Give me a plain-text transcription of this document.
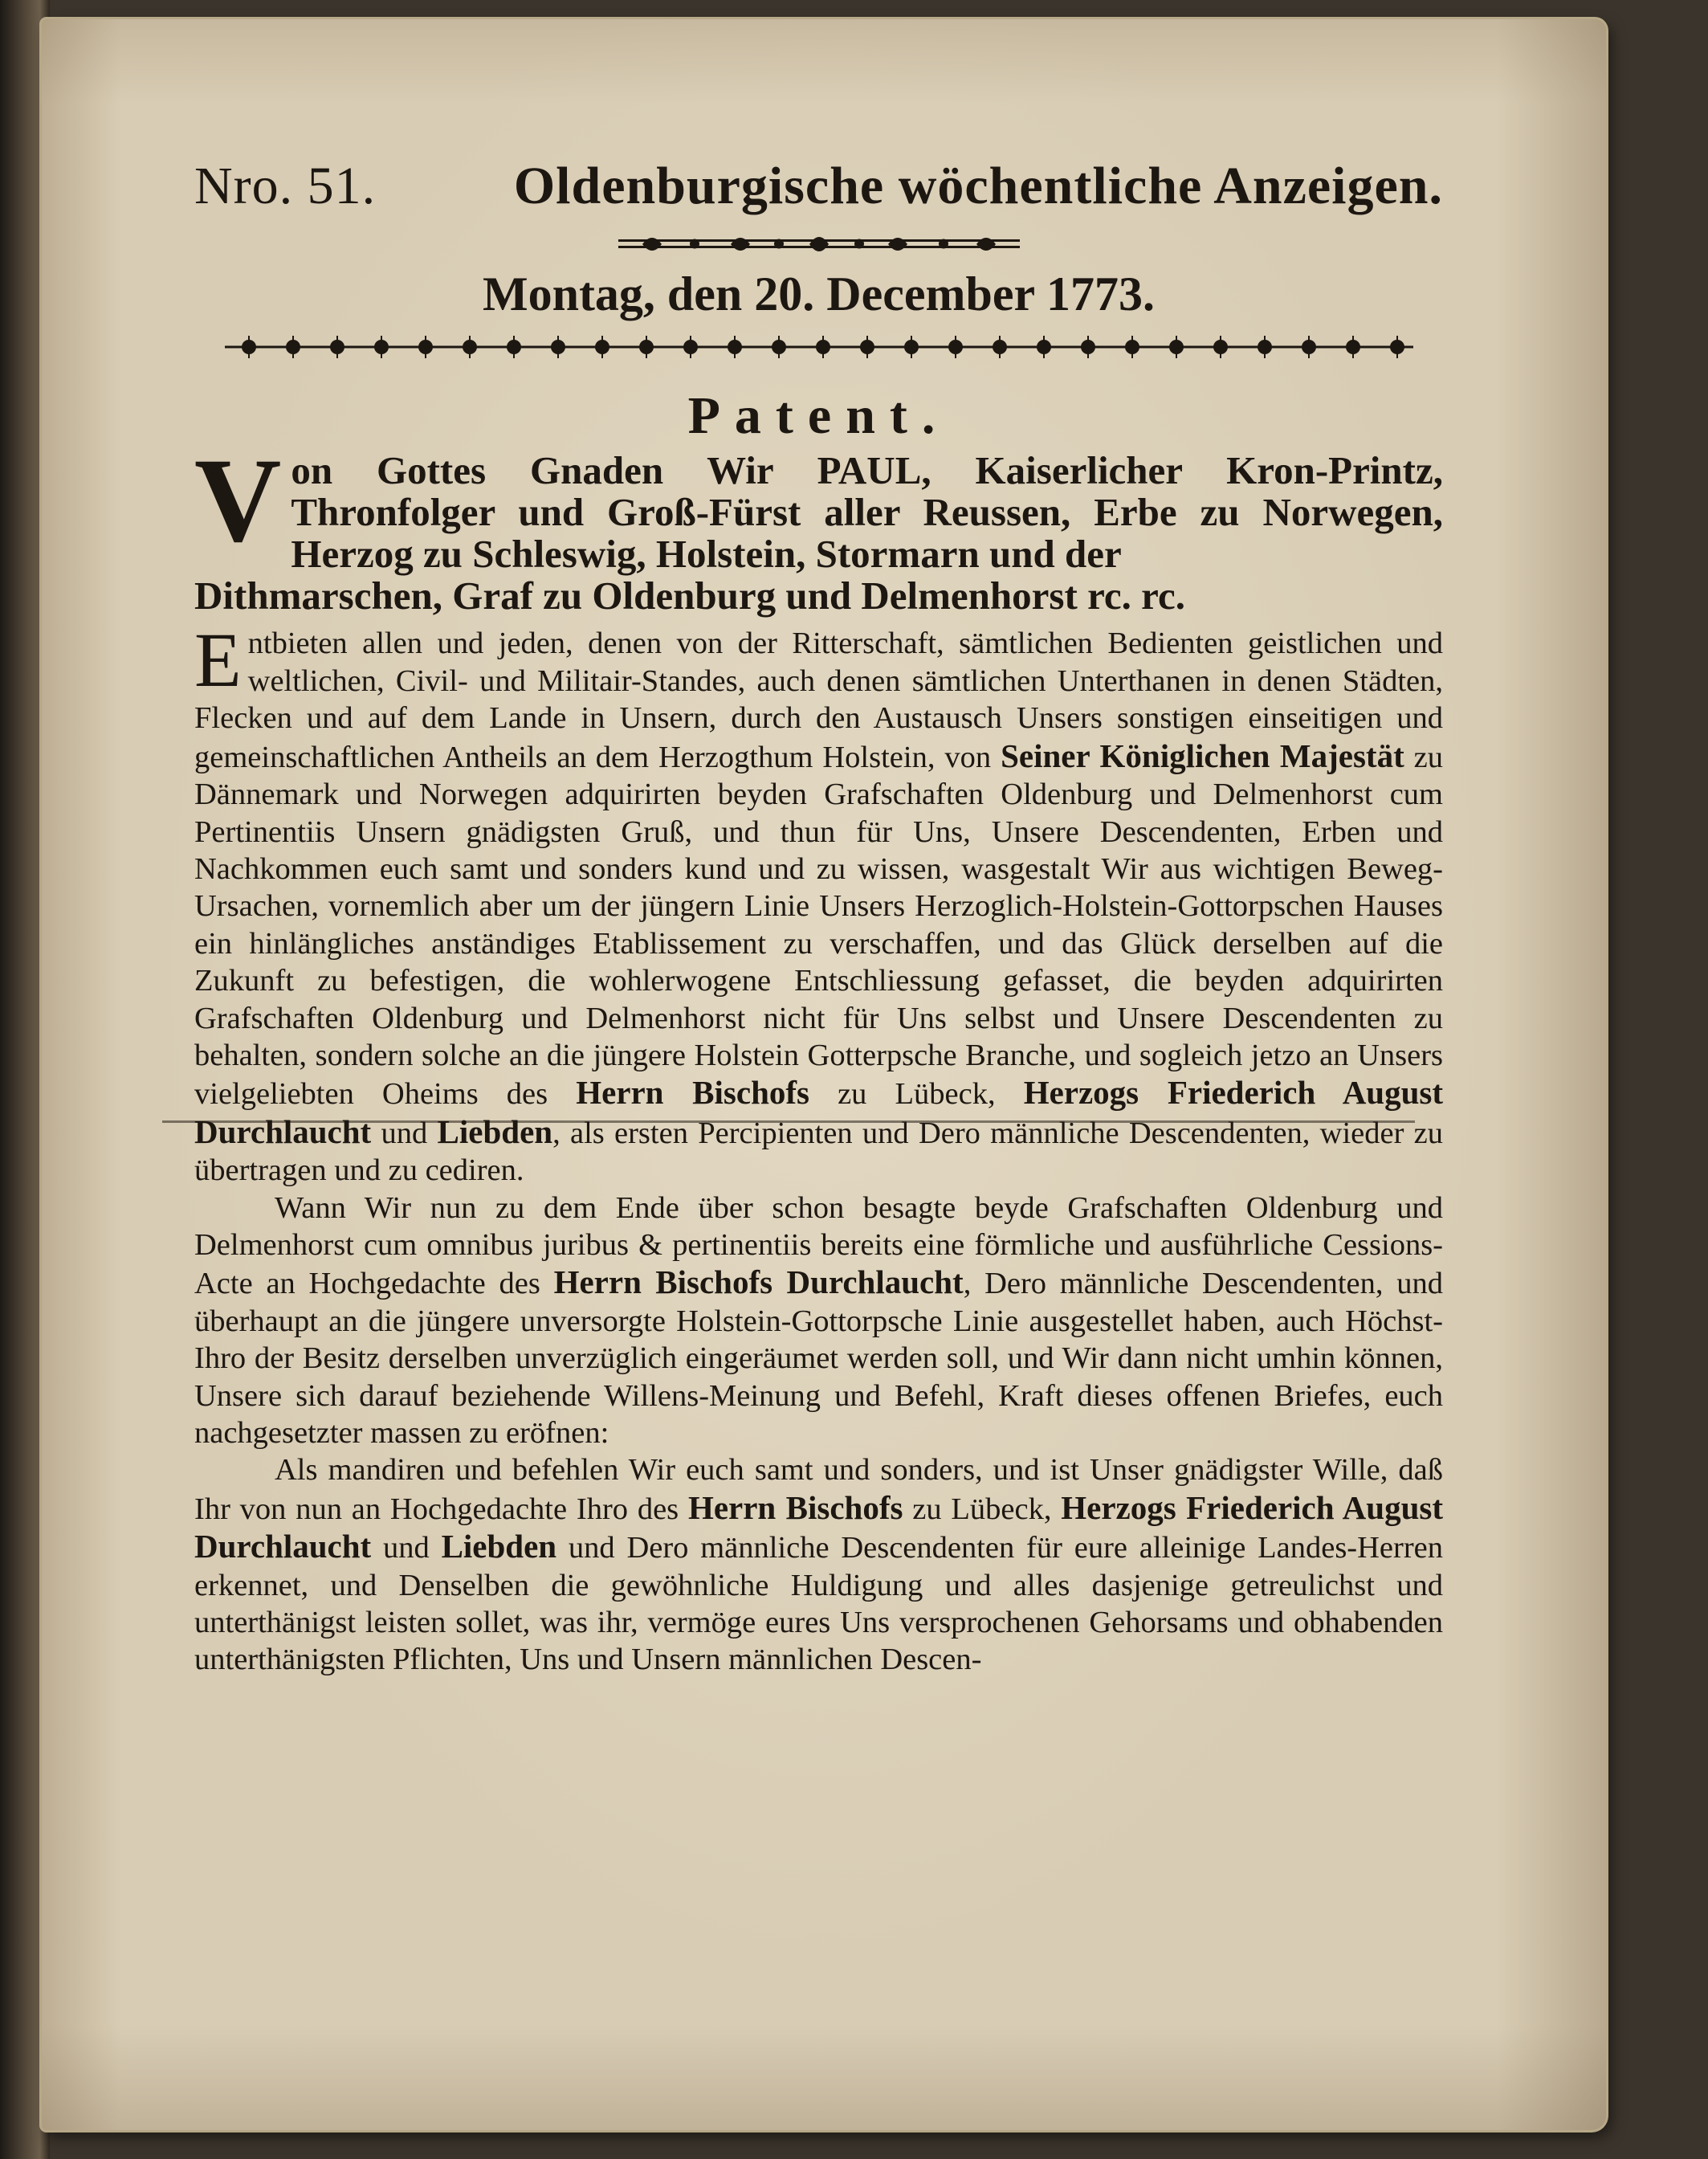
Nro. 51.	Oldenburgische wöchentliche Anzeigen.
Montag, den 20. December 1773.
Patent.
V on Gottes Gnaden Wir PAUL, Kaiserlicher Kron-Printz, Thronfolger und Groß-Fürst aller Reussen, Erbe zu Norwegen, Herzog zu Schleswig, Holstein, Stormarn und der
Dithmarschen, Graf zu Oldenburg und Delmenhorst rc. rc.

Entbieten allen und jeden, denen von der Ritterschaft, sämtlichen Bedienten geistlichen und weltlichen, Civil- und Militair-Standes, auch denen sämtlichen Unterthanen in denen Städten, Flecken und auf dem Lande in Unsern, durch den Austausch Unsers sonstigen einseitigen und gemeinschaftlichen Antheils an dem Herzogthum Holstein, von Seiner Königlichen Majestät zu Dännemark und Norwegen adquirirten beyden Grafschaften Oldenburg und Delmenhorst cum Pertinentiis Unsern gnädigsten Gruß, und thun für Uns, Unsere Descendenten, Erben und Nachkommen euch samt und sonders kund und zu wissen, wasgestalt Wir aus wichtigen Beweg-Ursachen, vornemlich aber um der jüngern Linie Unsers Herzoglich-Holstein-Gottorpschen Hauses ein hinlängliches anständiges Etablissement zu verschaffen, und das Glück derselben auf die Zukunft zu befestigen, die wohlerwogene Entschliessung gefasset, die beyden adquirirten Grafschaften Oldenburg und Delmenhorst nicht für Uns selbst und Unsere Descendenten zu behalten, sondern solche an die jüngere Holstein Gotterpsche Branche, und sogleich jetzo an Unsers vielgeliebten Oheims des Herrn Bischofs zu Lübeck, Herzogs Friederich August Durchlaucht und Liebden, als ersten Percipienten und Dero männliche Descendenten, wieder zu übertragen und zu cediren.

Wann Wir nun zu dem Ende über schon besagte beyde Grafschaften Oldenburg und Delmenhorst cum omnibus juribus & pertinentiis bereits eine förmliche und ausführliche Cessions-Acte an Hochgedachte des Herrn Bischofs Durchlaucht, Dero männliche Descendenten, und überhaupt an die jüngere unversorgte Holstein-Gottorpsche Linie ausgestellet haben, auch Höchst-Ihro der Besitz derselben unverzüglich eingeräumet werden soll, und Wir dann nicht umhin können, Unsere sich darauf beziehende Willens-Meinung und Befehl, Kraft dieses offenen Briefes, euch nachgesetzter massen zu eröfnen:

Als mandiren und befehlen Wir euch samt und sonders, und ist Unser gnädigster Wille, daß Ihr von nun an Hochgedachte Ihro des Herrn Bischofs zu Lübeck, Herzogs Friederich August Durchlaucht und Liebden und Dero männliche Descendenten für eure alleinige Landes-Herren erkennet, und Denselben die gewöhnliche Huldigung und alles dasjenige getreulichst und unterthänigst leisten sollet, was ihr, vermöge eures Uns versprochenen Gehorsams und obhabenden unterthänigsten Pflichten, Uns und Unsern männlichen Descen-
